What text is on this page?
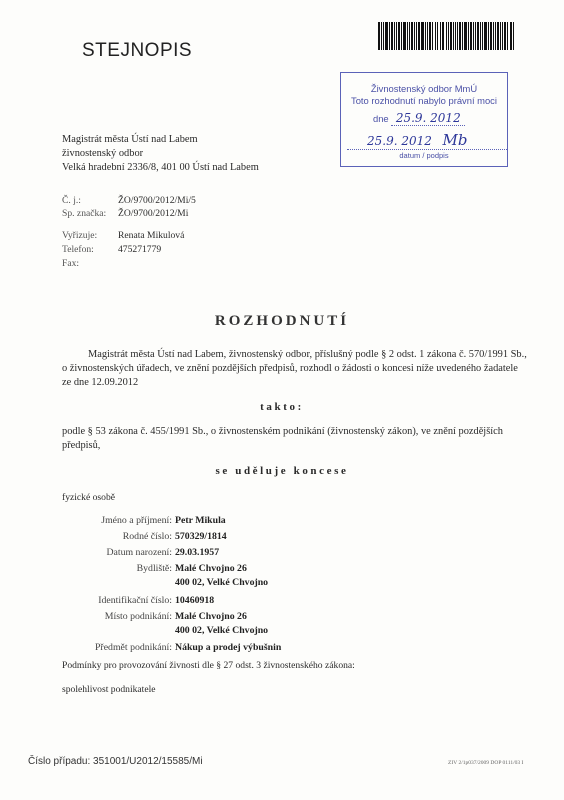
STEJNOPIS
Živnostenský odbor MmÚ
Toto rozhodnutí nabylo právní moci
dne 25.9. 2012
25.9. 2012 Mb
datum / podpis
Magistrát města Ústí nad Labem
živnostenský odbor
Velká hradební 2336/8, 401 00 Ústí nad Labem
Č. j.:	ŽO/9700/2012/Mi/5
Sp. značka: ŽO/9700/2012/Mi
Vyřizuje: Renata Mikulová
Telefon:	475271779
Fax:
ROZHODNUTÍ
Magistrát města Ústí nad Labem, živnostenský odbor, příslušný podle § 2 odst. 1 zákona č. 570/1991 Sb.,
o živnostenských úřadech, ve znění pozdějších předpisů, rozhodl o žádosti o koncesi níže uvedeného žadatele
ze dne 12.09.2012
takto:
podle § 53 zákona č. 455/1991 Sb., o živnostenském podnikání (živnostenský zákon), ve znění pozdějších
předpisů,
se uděluje koncese
fyzické osobě
Jméno a příjmení: Petr Mikula
Rodné číslo: 570329/1814
Datum narození: 29.03.1957
Bydliště: Malé Chvojno 26
400 02, Velké Chvojno
Identifikační číslo: 10460918
Místo podnikání: Malé Chvojno 26
400 02, Velké Chvojno
Předmět podnikání: Nákup a prodej výbušnin
Podmínky pro provozování živnosti dle § 27 odst. 3 živnostenského zákona:
spolehlivost podnikatele
Číslo případu: 351001/U2012/15585/Mi	ZIV 2/1p037/2009 DOP 0111/03 I
